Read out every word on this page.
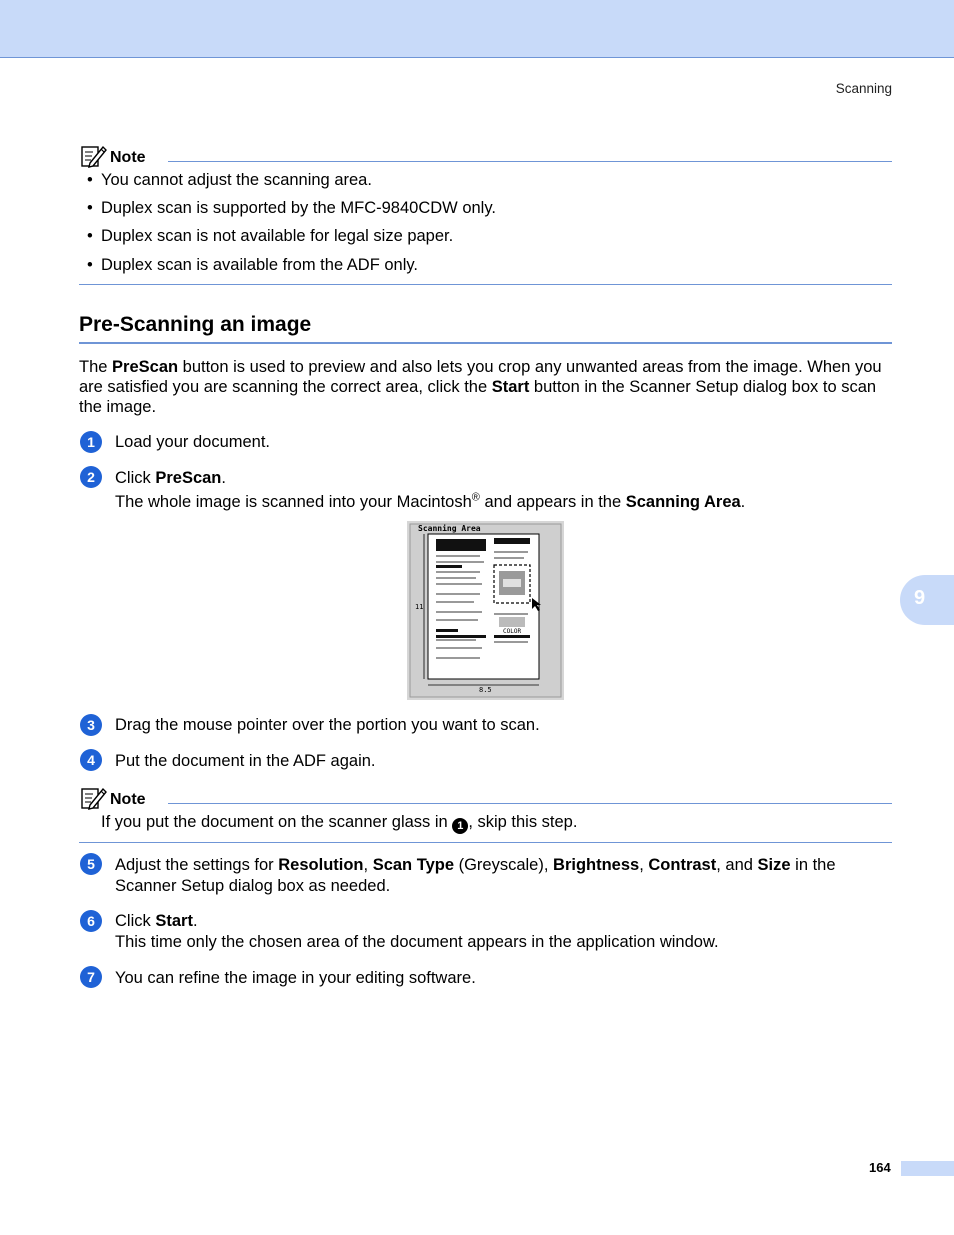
Scanning
9
Note
• You cannot adjust the scanning area.
• Duplex scan is supported by the MFC-9840CDW only.
• Duplex scan is not available for legal size paper.
• Duplex scan is available from the ADF only.
Pre-Scanning an image
The PreScan button is used to preview and also lets you crop any unwanted areas from the image. When you are satisfied you are scanning the correct area, click the Start button in the Scanner Setup dialog box to scan the image.
1	Load your document.
2	Click PreScan.
The whole image is scanned into your Macintosh® and appears in the Scanning Area.
Scanning Area
COLOR
11
8.5
3	Drag the mouse pointer over the portion you want to scan.
4	Put the document in the ADF again.
Note
If you put the document on the scanner glass in 1 , skip this step.
5	Adjust the settings for Resolution, Scan Type (Greyscale), Brightness, Contrast, and Size in the Scanner Setup dialog box as needed.
6	Click Start.
This time only the chosen area of the document appears in the application window.
7	You can refine the image in your editing software.
164
